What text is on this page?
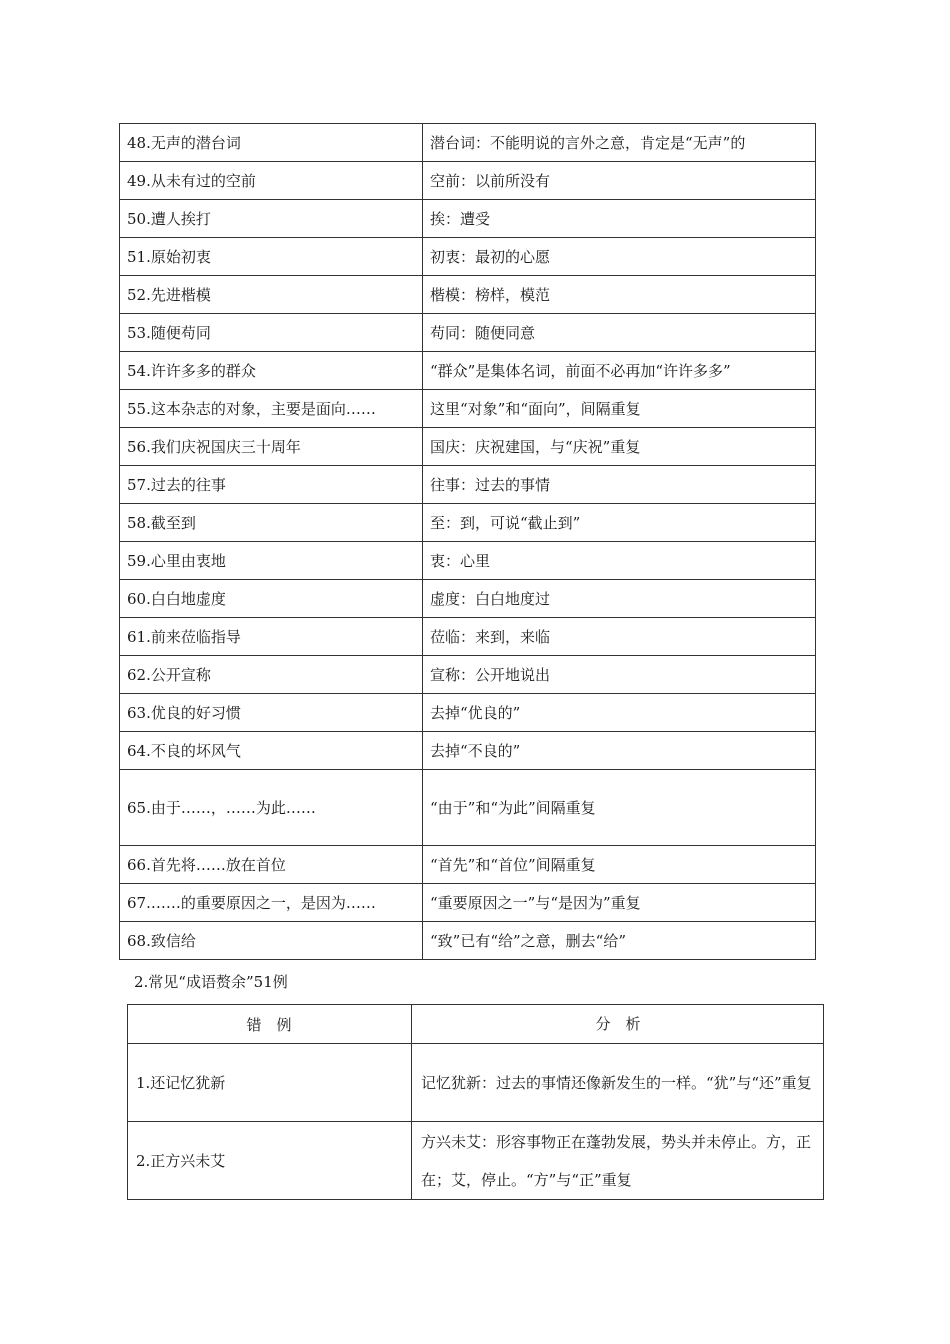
48.无声的潜台词	潜台词：不能明说的言外之意，肯定是“无声”的
49.从未有过的空前	空前：以前所没有
50.遭人挨打	挨：遭受
51.原始初衷	初衷：最初的心愿
52.先进楷模	楷模：榜样，模范
53.随便苟同	苟同：随便同意
54.许许多多的群众	“群众”是集体名词，前面不必再加“许许多多”
55.这本杂志的对象，主要是面向……	这里“对象”和“面向”，间隔重复
56.我们庆祝国庆三十周年	国庆：庆祝建国，与“庆祝”重复
57.过去的往事	往事：过去的事情
58.截至到	至：到，可说“截止到”
59.心里由衷地	衷：心里
60.白白地虚度	虚度：白白地度过
61.前来莅临指导	莅临：来到，来临
62.公开宣称	宣称：公开地说出
63.优良的好习惯	去掉“优良的”
64.不良的坏风气	去掉“不良的”
65.由于……，……为此……	“由于”和“为此”间隔重复
66.首先将……放在首位	“首先”和“首位”间隔重复
67.……的重要原因之一，是因为……	“重要原因之一”与“是因为”重复
68.致信给	“致”已有“给”之意，删去“给”
2.常见“成语赘余”51例
错　例	分　析
1.还记忆犹新	记忆犹新：过去的事情还像新发生的一样。“犹”与“还”重复
2.正方兴未艾	方兴未艾：形容事物正在蓬勃发展，势头并未停止。方，正在；艾，停止。“方”与“正”重复
